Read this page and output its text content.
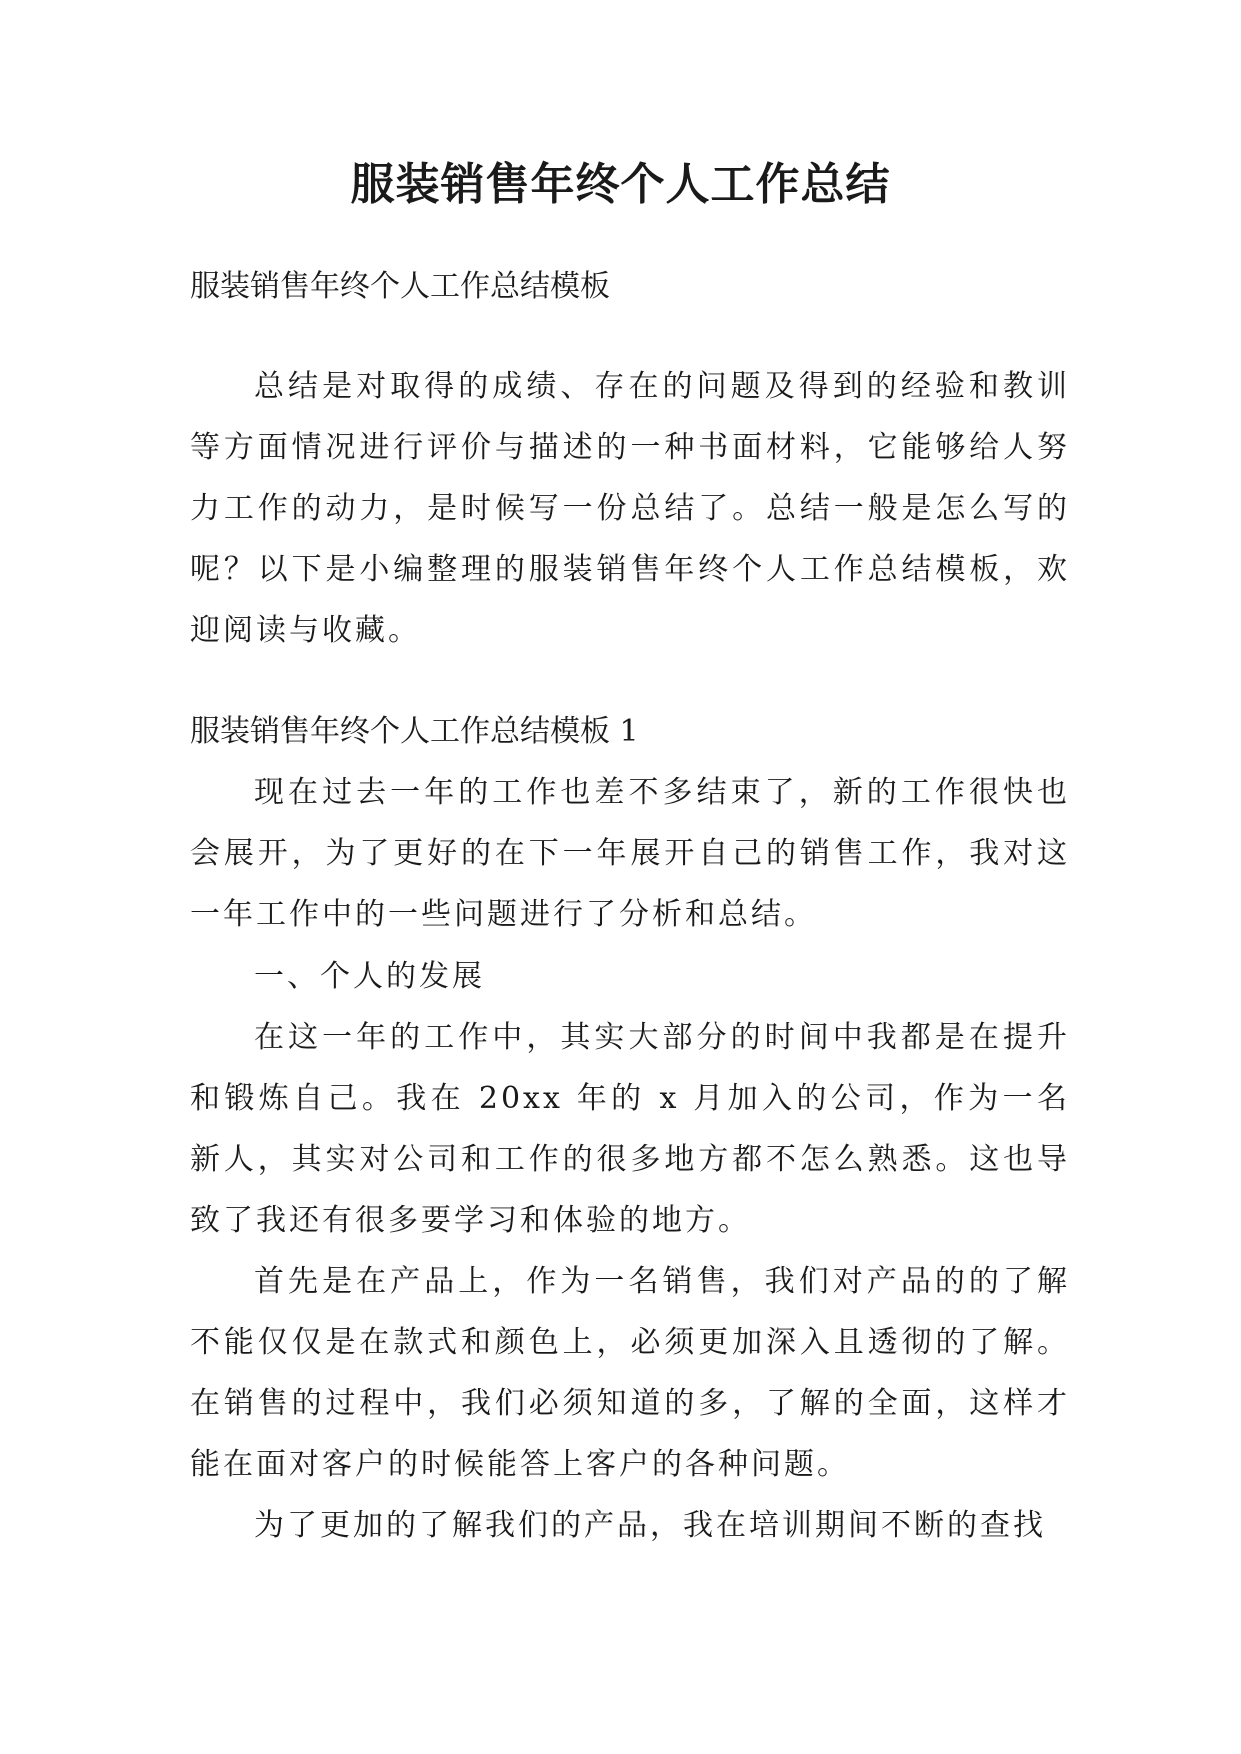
服装销售年终个人工作总结

服装销售年终个人工作总结模板

总结是对取得的成绩、存在的问题及得到的经验和教训等方面情况进行评价与描述的一种书面材料，它能够给人努力工作的动力，是时候写一份总结了。总结一般是怎么写的呢？以下是小编整理的服装销售年终个人工作总结模板，欢迎阅读与收藏。

服装销售年终个人工作总结模板 1

现在过去一年的工作也差不多结束了，新的工作很快也会展开，为了更好的在下一年展开自己的销售工作，我对这一年工作中的一些问题进行了分析和总结。

一、个人的发展

在这一年的工作中，其实大部分的时间中我都是在提升和锻炼自己。我在 20xx 年的 x 月加入的公司，作为一名新人，其实对公司和工作的很多地方都不怎么熟悉。这也导致了我还有很多要学习和体验的地方。

首先是在产品上，作为一名销售，我们对产品的的了解不能仅仅是在款式和颜色上，必须更加深入且透彻的了解。在销售的过程中，我们必须知道的多，了解的全面，这样才能在面对客户的时候能答上客户的各种问题。

为了更加的了解我们的产品，我在培训期间不断的查找
